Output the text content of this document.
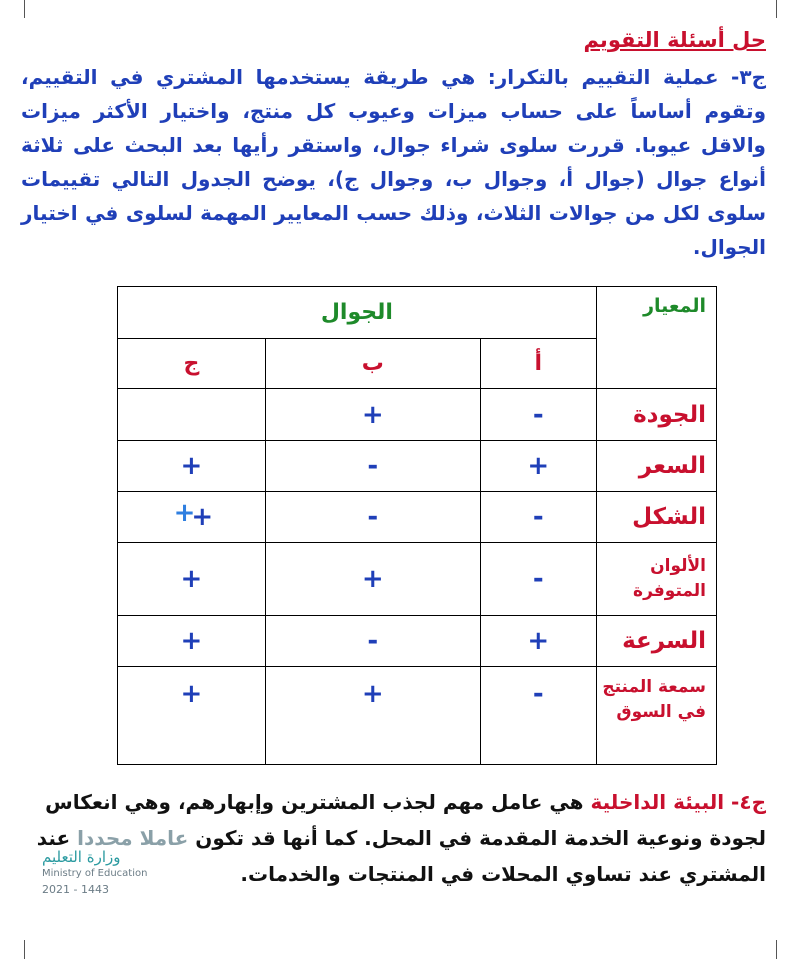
حل أسئلة التقويم

ج٣- عملية التقييم بالتكرار: هي طريقة يستخدمها المشتري في التقييم، وتقوم أساساً على حساب ميزات وعيوب كل منتج، واختيار الأكثر ميزات والاقل عيوبا. قررت سلوى شراء جوال، واستقر رأيها بعد البحث على ثلاثة أنواع جوال (جوال أ، وجوال ب، وجوال ج)، يوضح الجدول التالي تقييمات سلوى لكل من جوالات الثلاث، وذلك حسب المعايير المهمة لسلوى في اختيار الجوال.

المعيار	الجوال		
	أ	ب	ج
الجودة	-	+	
السعر	+	-	+
الشكل	-	-	++
الألوان المتوفرة	-	+	+
السرعة	+	-	+
سمعة المنتج في السوق	-	+	+

ج٤- البيئة الداخلية هي عامل مهم لجذب المشترين وإبهارهم، وهي انعكاس لجودة ونوعية الخدمة المقدمة في المحل. كما أنها قد تكون عاملا محددا عند المشتري عند تساوي المحلات في المنتجات والخدمات.

وزارة التعليم
Ministry of Education
2021 - 1443
